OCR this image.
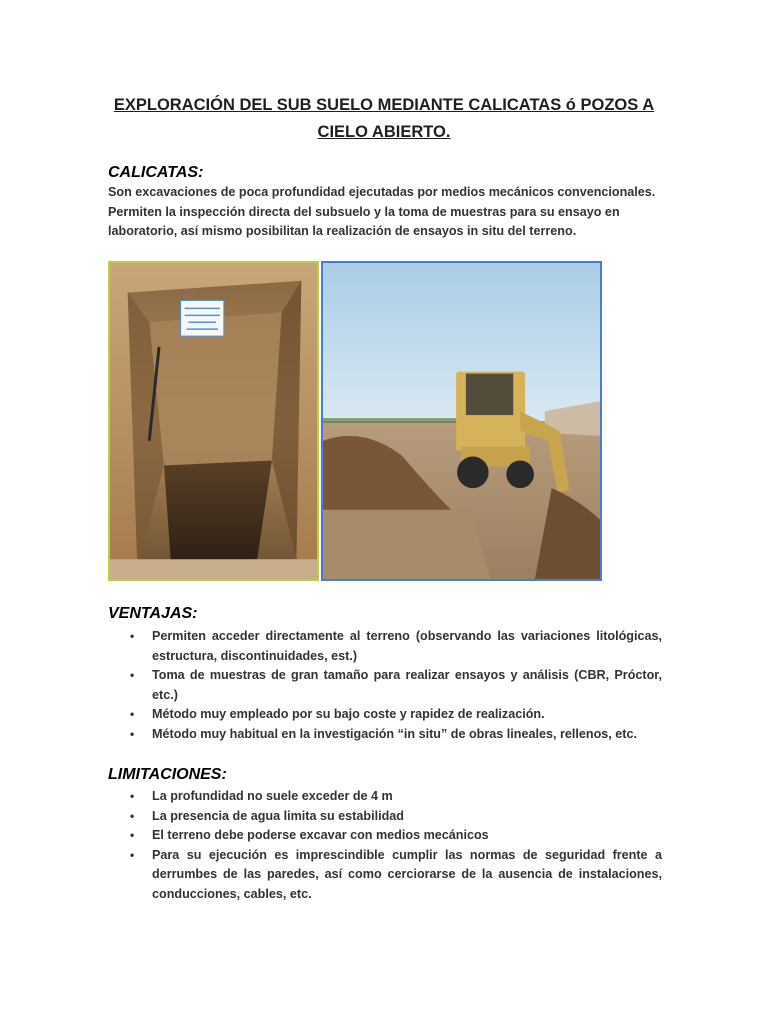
EXPLORACIÓN DEL SUB SUELO MEDIANTE CALICATAS ó POZOS A CIELO ABIERTO.
CALICATAS:
Son excavaciones de poca profundidad ejecutadas por medios mecánicos convencionales. Permiten la inspección directa del subsuelo y la toma de muestras para su ensayo en laboratorio, así mismo posibilitan la realización de ensayos in situ del terreno.
VENTAJAS:
• Permiten acceder directamente al terreno (observando las variaciones litológicas, estructura, discontinuidades, est.)
• Toma de muestras de gran tamaño para realizar ensayos y análisis (CBR, Próctor, etc.)
• Método muy empleado por su bajo coste y rapidez de realización.
• Método muy habitual en la investigación “in situ” de obras lineales, rellenos, etc.
LIMITACIONES:
• La profundidad no suele exceder de 4 m
• La presencia de agua limita su estabilidad
• El terreno debe poderse excavar con medios mecánicos
• Para su ejecución es imprescindible cumplir las normas de seguridad frente a derrumbes de las paredes, así como cerciorarse de la ausencia de instalaciones, conducciones, cables, etc.
